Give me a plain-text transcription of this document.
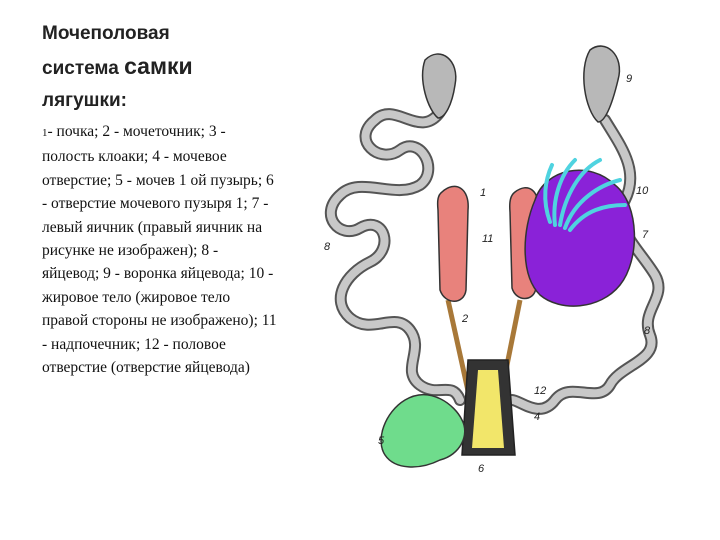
Мочеполовая
система самки
лягушки:
1- почка; 2 - мочеточник; 3 - полость клоаки; 4 - мочевое отверстие; 5 - мочев 1 ой пузырь; 6 - отверстие мочевого пузыря 1; 7 - левый яичник (правый яичник на рисунке не изображен); 8 - яйцевод; 9 - воронка яйцевода; 10 - жировое тело (жировое тело правой стороны не изображено); 11 - надпочечник; 12 - половое отверстие (отверстие яйцевода)
1
11
2
9
10
7
8
8
12
4
5
6
